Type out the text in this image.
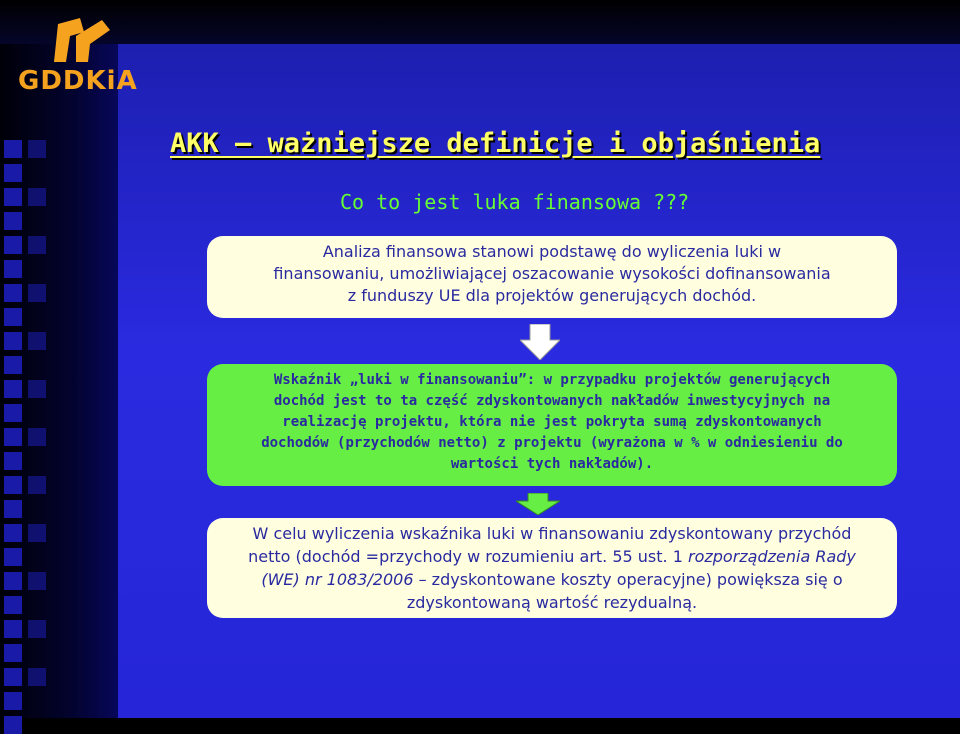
GDDKiA
AKK – ważniejsze definicje i objaśnienia
Co to jest luka finansowa ???
Analiza finansowa stanowi podstawę do wyliczenia luki w
finansowaniu, umożliwiającej oszacowanie wysokości dofinansowania
z funduszy UE dla projektów generujących dochód.
Wskaźnik „luki w finansowaniu”: w przypadku projektów generujących
dochód jest to ta część zdyskontowanych nakładów inwestycyjnych na
realizację projektu, która nie jest pokryta sumą zdyskontowanych
dochodów (przychodów netto) z projektu (wyrażona w % w odniesieniu do
wartości tych nakładów).
W celu wyliczenia wskaźnika luki w finansowaniu zdyskontowany przychód
netto (dochód =przychody w rozumieniu art. 55 ust. 1 rozporządzenia Rady
(WE) nr 1083/2006 – zdyskontowane koszty operacyjne) powiększa się o
zdyskontowaną wartość rezydualną.
